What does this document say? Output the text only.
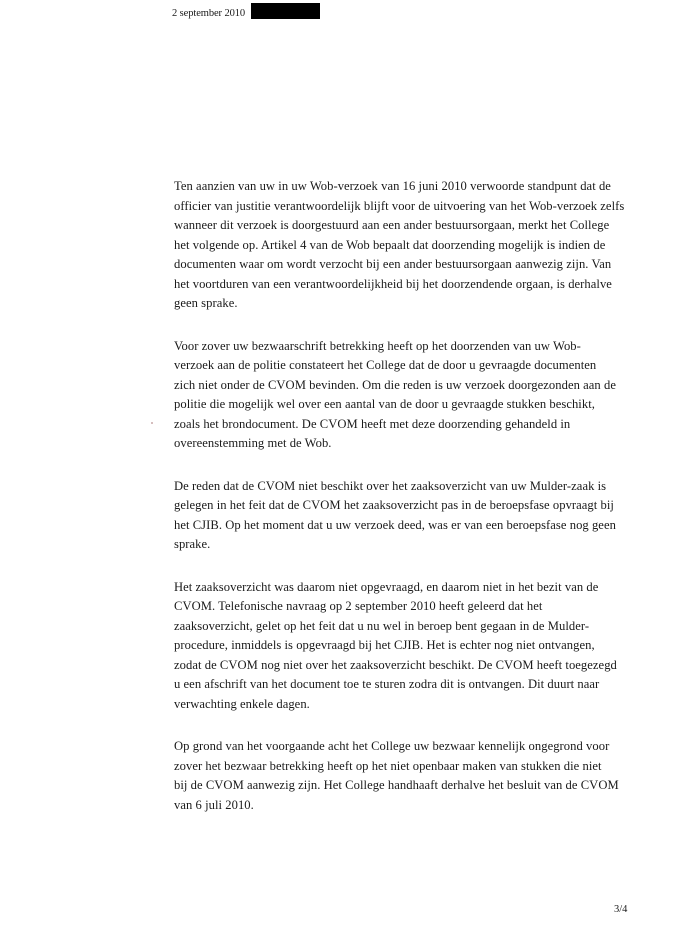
2 september 2010
Ten aanzien van uw in uw Wob-verzoek van 16 juni 2010 verwoorde standpunt dat de
officier van justitie verantwoordelijk blijft voor de uitvoering van het Wob-verzoek zelfs
wanneer dit verzoek is doorgestuurd aan een ander bestuursorgaan, merkt het College
het volgende op. Artikel 4 van de Wob bepaalt dat doorzending mogelijk is indien de
documenten waar om wordt verzocht bij een ander bestuursorgaan aanwezig zijn. Van
het voortduren van een verantwoordelijkheid bij het doorzendende orgaan, is derhalve
geen sprake.
Voor zover uw bezwaarschrift betrekking heeft op het doorzenden van uw Wob-
verzoek aan de politie constateert het College dat de door u gevraagde documenten
zich niet onder de CVOM bevinden. Om die reden is uw verzoek doorgezonden aan de
politie die mogelijk wel over een aantal van de door u gevraagde stukken beschikt,
zoals het brondocument. De CVOM heeft met deze doorzending gehandeld in
overeenstemming met de Wob.
De reden dat de CVOM niet beschikt over het zaaksoverzicht van uw Mulder-zaak is
gelegen in het feit dat de CVOM het zaaksoverzicht pas in de beroepsfase opvraagt bij
het CJIB. Op het moment dat u uw verzoek deed, was er van een beroepsfase nog geen
sprake.
Het zaaksoverzicht was daarom niet opgevraagd, en daarom niet in het bezit van de
CVOM. Telefonische navraag op 2 september 2010 heeft geleerd dat het
zaaksoverzicht, gelet op het feit dat u nu wel in beroep bent gegaan in de Mulder-
procedure, inmiddels is opgevraagd bij het CJIB. Het is echter nog niet ontvangen,
zodat de CVOM nog niet over het zaaksoverzicht beschikt. De CVOM heeft toegezegd
u een afschrift van het document toe te sturen zodra dit is ontvangen. Dit duurt naar
verwachting enkele dagen.
Op grond van het voorgaande acht het College uw bezwaar kennelijk ongegrond voor
zover het bezwaar betrekking heeft op het niet openbaar maken van stukken die niet
bij de CVOM aanwezig zijn. Het College handhaaft derhalve het besluit van de CVOM
van 6 juli 2010.
3/4
